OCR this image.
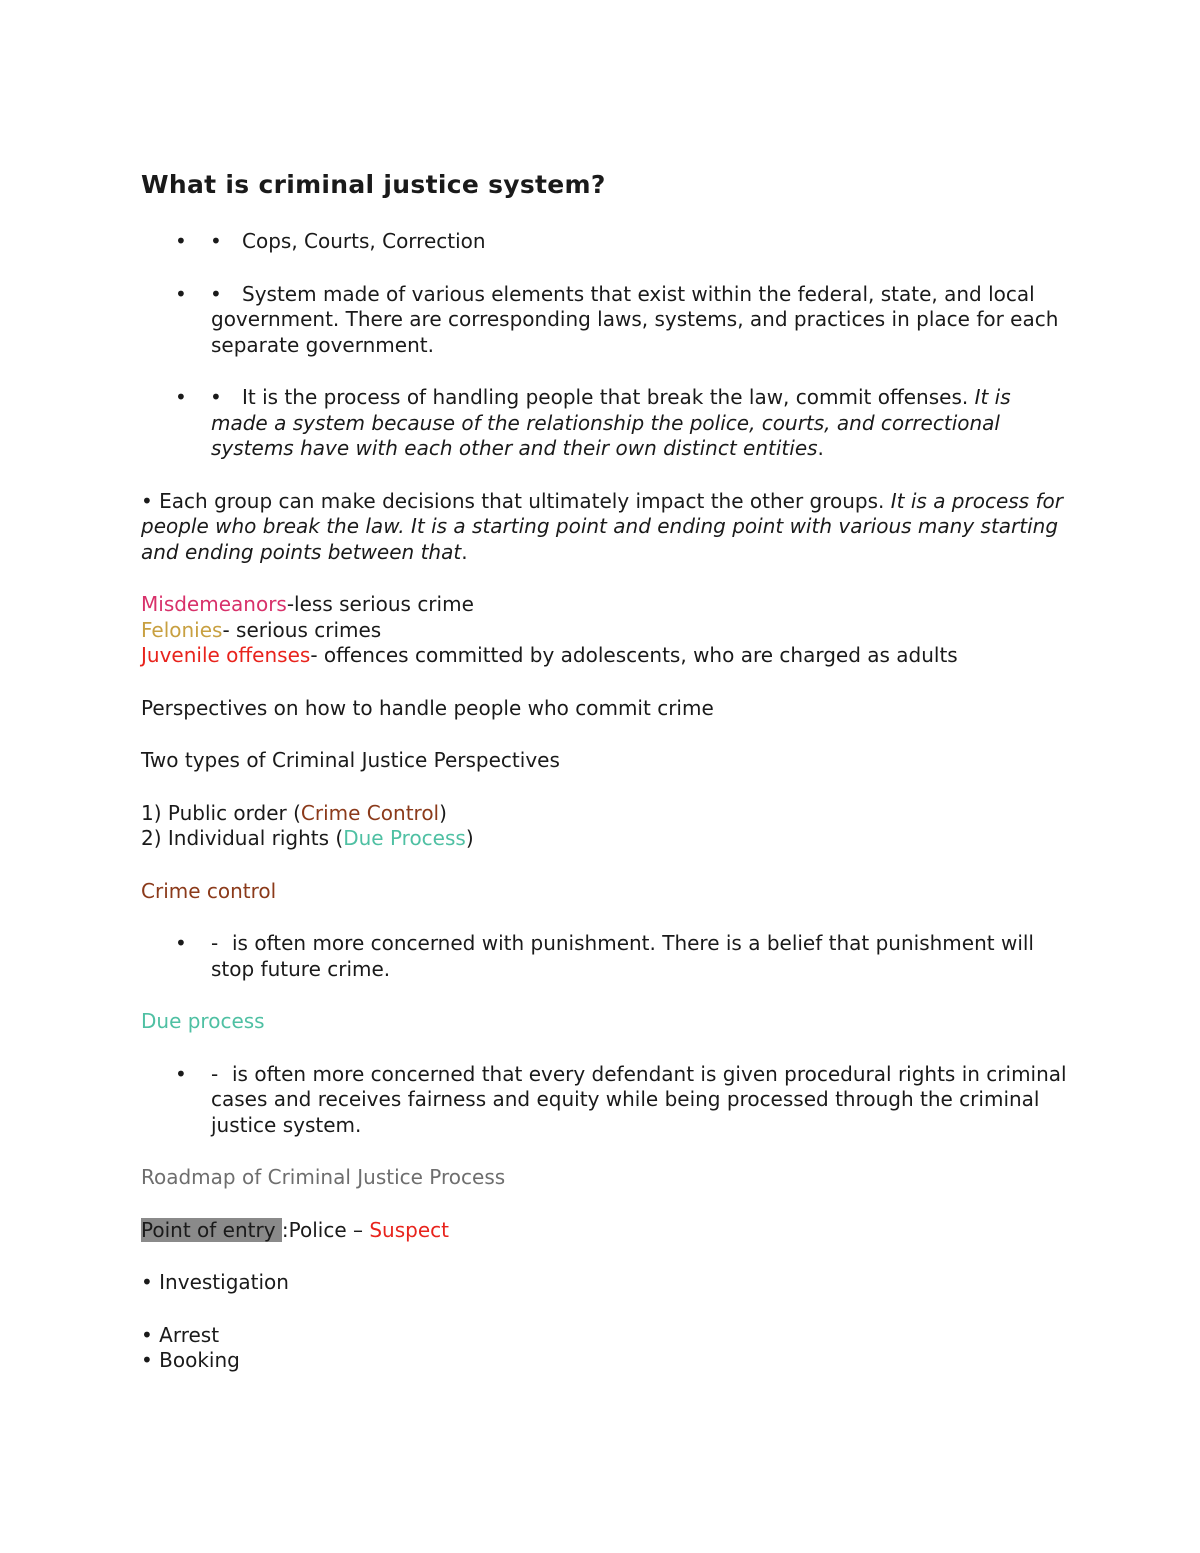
What is criminal justice system?
• •	Cops, Courts, Correction
• •	System made of various elements that exist within the federal, state, and local government. There are corresponding laws, systems, and practices in place for each separate government.
• •	It is the process of handling people that break the law, commit offenses. It is made a system because of the relationship the police, courts, and correctional systems have with each other and their own distinct entities.
• Each group can make decisions that ultimately impact the other groups. It is a process for people who break the law. It is a starting point and ending point with various many starting and ending points between that.
Misdemeanors-less serious crime
Felonies- serious crimes
Juvenile offenses- offences committed by adolescents, who are charged as adults
Perspectives on how to handle people who commit crime
Two types of Criminal Justice Perspectives
1) Public order (Crime Control)
2) Individual rights (Due Process)
Crime control
• - is often more concerned with punishment. There is a belief that punishment will stop future crime.
Due process
• - is often more concerned that every defendant is given procedural rights in criminal cases and receives fairness and equity while being processed through the criminal justice system.
Roadmap of Criminal Justice Process
Point of entry :Police – Suspect
• Investigation
• Arrest
• Booking
